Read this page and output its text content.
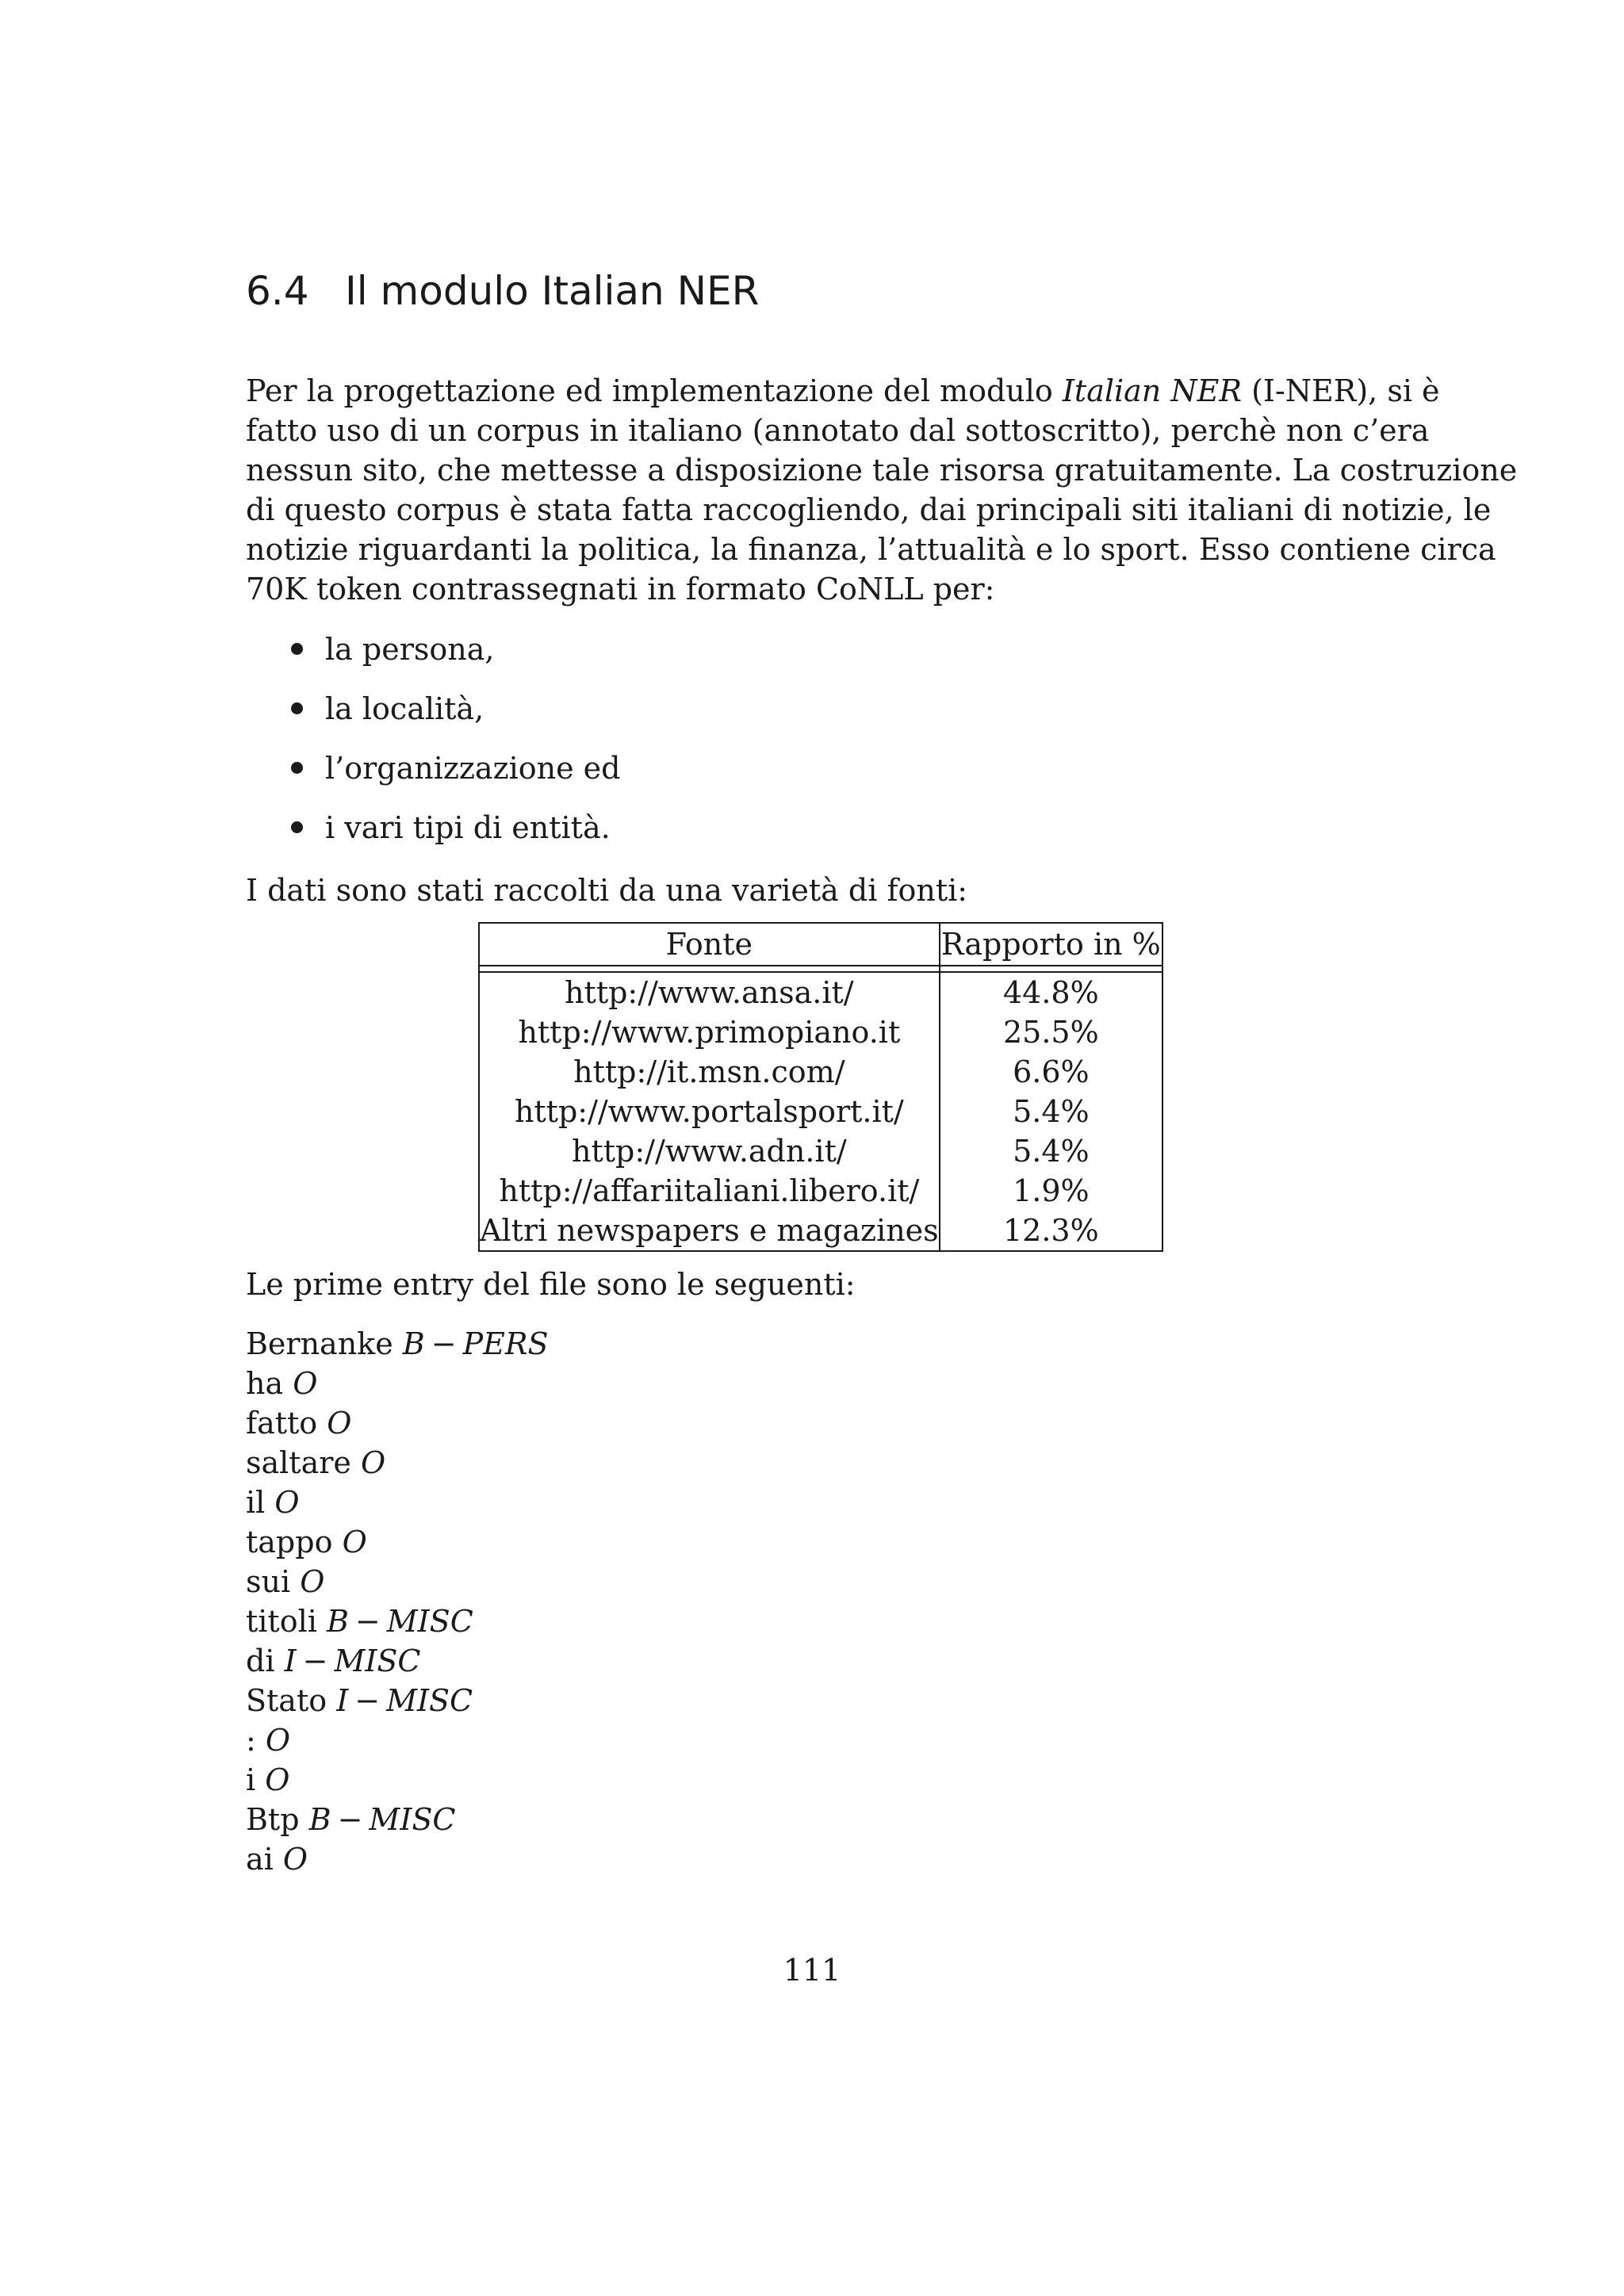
6.4 Il modulo Italian NER
Per la progettazione ed implementazione del modulo Italian NER (I-NER), si è
fatto uso di un corpus in italiano (annotato dal sottoscritto), perchè non c’era
nessun sito, che mettesse a disposizione tale risorsa gratuitamente. La costruzione
di questo corpus è stata fatta raccogliendo, dai principali siti italiani di notizie, le
notizie riguardanti la politica, la finanza, l’attualità e lo sport. Esso contiene circa
70K token contrassegnati in formato CoNLL per:
la persona,
la località,
l’organizzazione ed
i vari tipi di entità.

I dati sono stati raccolti da una varietà di fonti:

Fonte	Rapporto in %

http://www.ansa.it/	44.8%
http://www.primopiano.it	25.5%
http://it.msn.com/	6.6%
http://www.portalsport.it/	5.4%
http://www.adn.it/	5.4%
http://affariitaliani.libero.it/	1.9%
Altri newspapers e magazines	12.3%

Le prime entry del file sono le seguenti:

Bernanke B − PERS
ha O
fatto O
saltare O
il O
tappo O
sui O
titoli B − MISC
di I − MISC
Stato I − MISC
: O
i O
Btp B − MISC
ai O

111
